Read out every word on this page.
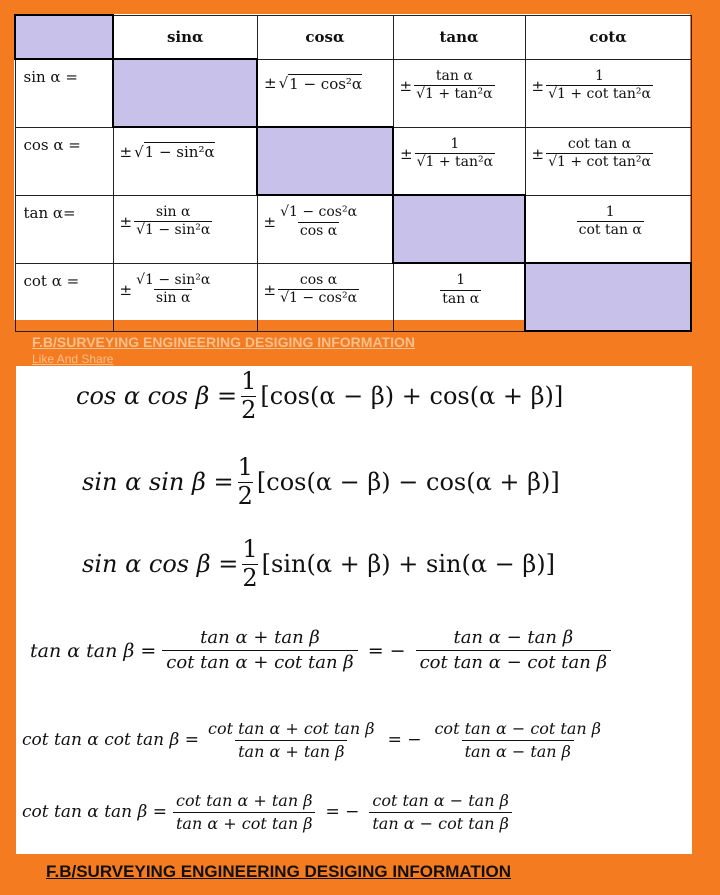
	sinα	cosα	tanα	cotα

sin α =		± √ 1 − cos²α	± $\frac{\text{tan α}}{\text{√1 + tan²α}}$	± $\frac{1}{\text{√1 + cot tan²α}}$

cos α =	± √ 1 − sin²α		± $\frac{1}{\text{√1 + tan²α}}$	± $\frac{\text{cot tan α}}{\text{√1 + cot tan²α}}$

tan α=	± $\frac{\text{sin α}}{\text{√1 − sin²α}}$	± $\frac{\text{√1 − cos²α}}{\text{cos α}}$		$\frac{1}{\text{cot tan α}}$

cot α =	± $\frac{\text{√1 − sin²α}}{\text{sin α}}$	± $\frac{\text{cos α}}{\text{√1 − cos²α}}$	$\frac{1}{\text{tan α}}$

F.B/SURVEYING ENGINEERING DESIGING INFORMATION
Like And Share
cos α $\cos \beta = \frac{1}{2} [\cos(\alpha - \beta) + \cos(\alpha + \beta)]$
sin α $\sin \beta = \frac{1}{2} [\cos(\alpha - \beta) - \cos(\alpha + \beta)]$
sin α $\cos \beta = \frac{1}{2} [\sin(\alpha + \beta) + \sin(\alpha - \beta)]$
tan α $\tan \beta = \frac{\text{tan α + tan β}}{\text{cot tan α + cot tan β}}$ = − $\frac{\text{tan α − tan β}}{\text{cot tan α − cot tan β}}$
cot tan α $\cot \tan \beta = \frac{\text{cot tan α + cot tan β}}{\text{tan α + tan β}}$ = − $\frac{\text{cot tan α − cot tan β}}{\text{tan α − tan β}}$
cot tan α $\tan \beta = \frac{\text{cot tan α + tan β}}{\text{tan α + cot tan β}}$ = − $\frac{\text{cot tan α − tan β}}{\text{tan α − cot tan β}}$
F.B/SURVEYING ENGINEERING DESIGING INFORMATION
